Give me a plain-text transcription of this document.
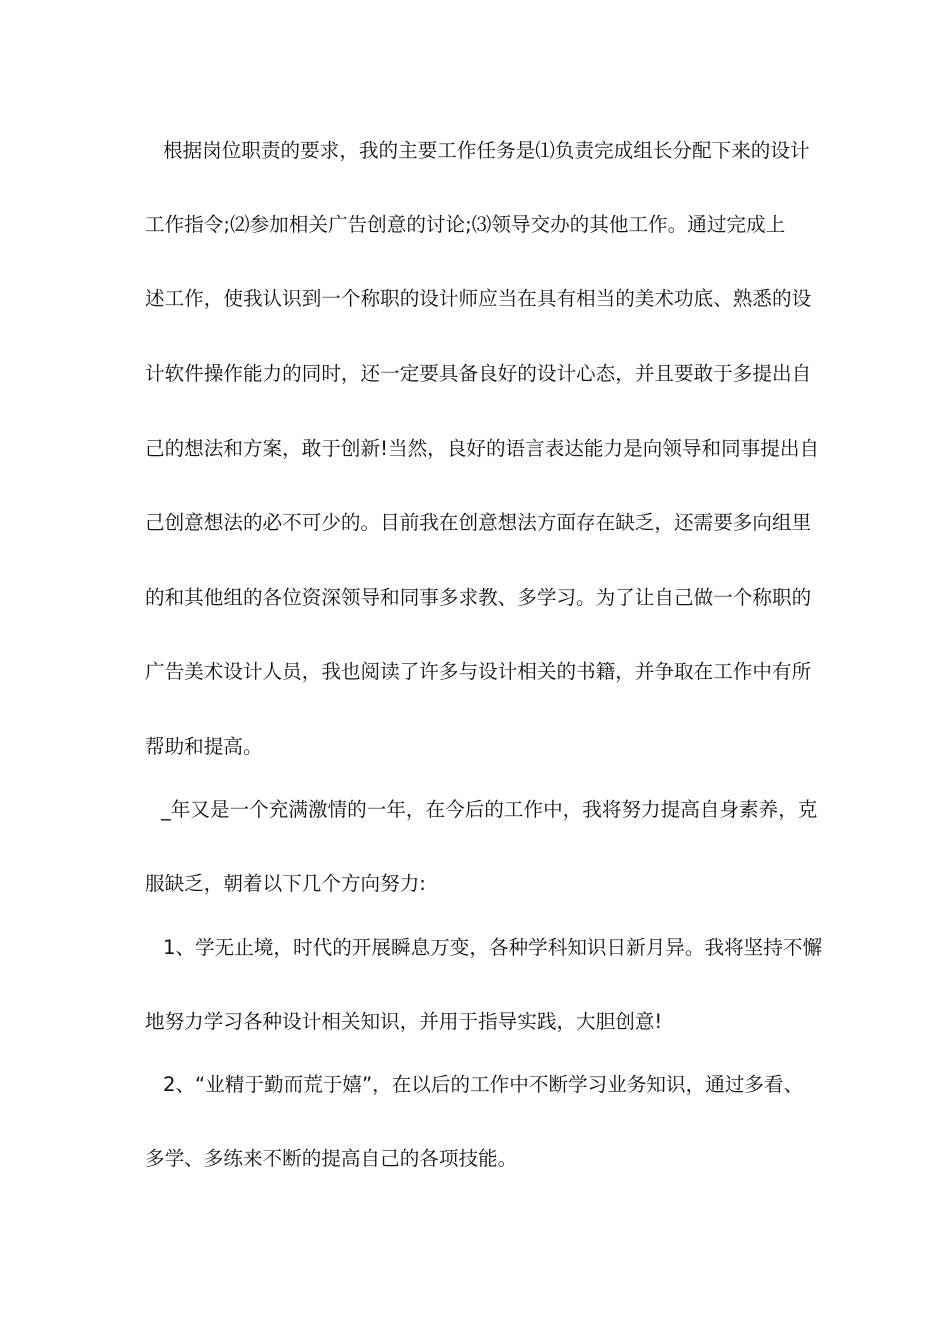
根据岗位职责的要求，我的主要工作任务是⑴负责完成组长分配下来的设计
工作指令;⑵参加相关广告创意的讨论;⑶领导交办的其他工作。通过完成上
述工作，使我认识到一个称职的设计师应当在具有相当的美术功底、熟悉的设
计软件操作能力的同时，还一定要具备良好的设计心态，并且要敢于多提出自
己的想法和方案，敢于创新!当然，良好的语言表达能力是向领导和同事提出自
己创意想法的必不可少的。目前我在创意想法方面存在缺乏，还需要多向组里
的和其他组的各位资深领导和同事多求教、多学习。为了让自己做一个称职的
广告美术设计人员，我也阅读了许多与设计相关的书籍，并争取在工作中有所
帮助和提高。
_年又是一个充满激情的一年，在今后的工作中，我将努力提高自身素养，克
服缺乏，朝着以下几个方向努力:
1、学无止境，时代的开展瞬息万变，各种学科知识日新月异。我将坚持不懈
地努力学习各种设计相关知识，并用于指导实践，大胆创意!
2、“业精于勤而荒于嬉”，在以后的工作中不断学习业务知识，通过多看、
多学、多练来不断的提高自己的各项技能。
